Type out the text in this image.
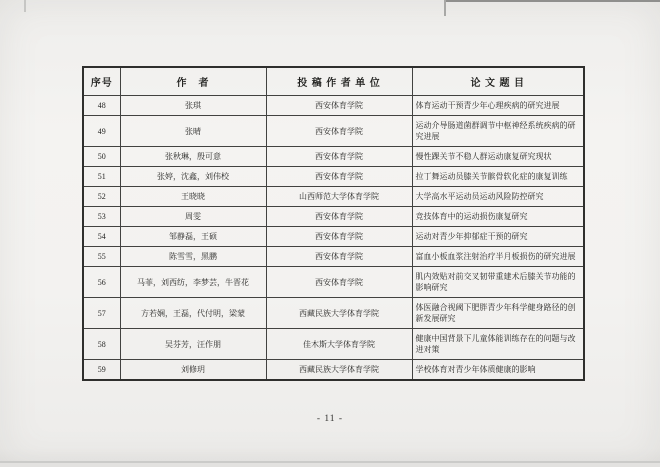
序号	作　者	投 稿 作 者 单 位	论 文 题 目
48	张琪	西安体育学院	体育运动干预青少年心理疾病的研究进展
49	张晴	西安体育学院	运动介导肠道菌群调节中枢神经系统疾病的研究进展
50	张秋琳，殷可意	西安体育学院	慢性踝关节不稳人群运动康复研究现状
51	张婷，沈鑫，刘伟校	西安体育学院	拉丁舞运动员膝关节髌骨软化症的康复训练
52	王晓晓	山西师范大学体育学院	大学高水平运动员运动风险防控研究
53	周雯	西安体育学院	竞技体育中的运动损伤康复研究
54	邹静磊，王硕	西安体育学院	运动对青少年抑郁症干预的研究
55	陈雪雪，黑鹏	西安体育学院	富血小板血浆注射治疗半月板损伤的研究进展
56	马菲，刘西纺，李梦芸，牛晋花	西安体育学院	肌内效贴对前交叉韧带重建术后膝关节功能的影响研究
57	方若娴，王磊，代付明，梁蒙	西藏民族大学体育学院	体医融合视阈下肥胖青少年科学健身路径的创新发展研究
58	吴芬芳，汪作朋	佳木斯大学体育学院	健康中国背景下儿童体能训练存在的问题与改进对策
59	刘修玥	西藏民族大学体育学院	学校体育对青少年体质健康的影响
- 11 -
